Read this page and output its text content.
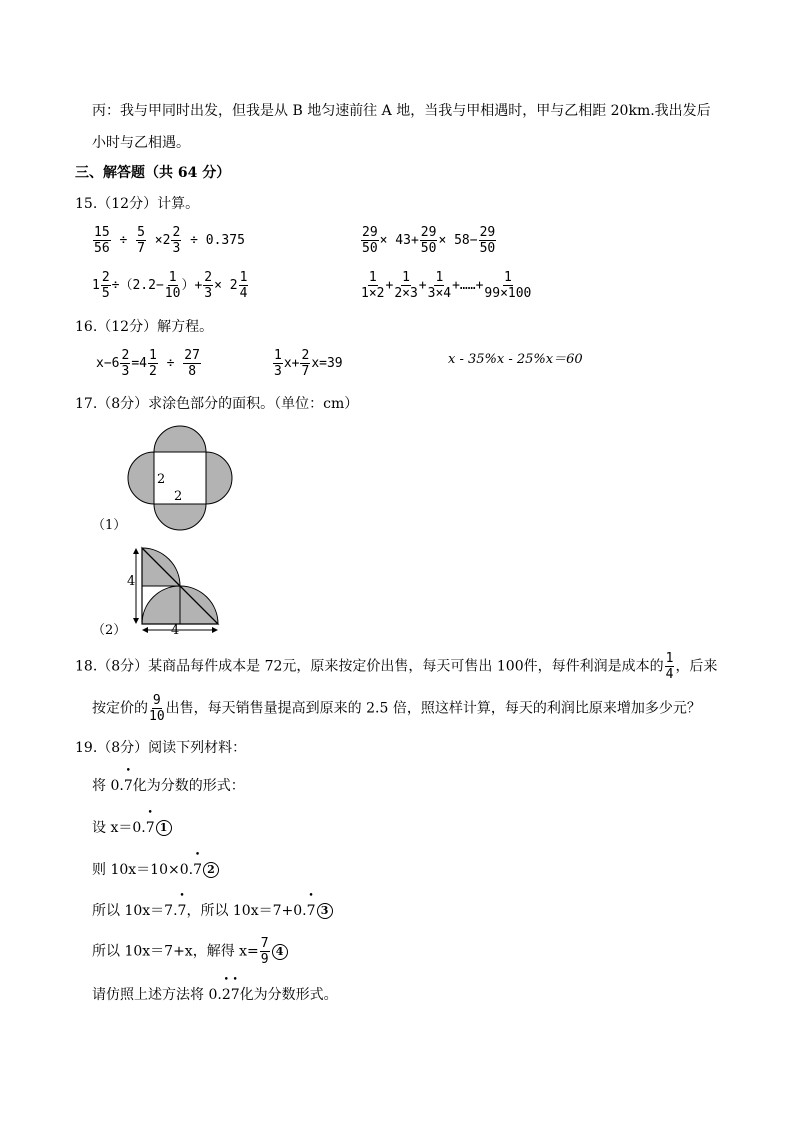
丙：我与甲同时出发，但我是从 B 地匀速前往 A 地，当我与甲相遇时，甲与乙相距 20km.我出发后
小时与乙相遇。
三、解答题（共 64 分）
15.（12分）计算。
$\frac{15}{56} \div \frac{5}{7} \times 2 \frac{2}{3} \div 0.375$	$\frac{29}{50} \times 43+ \frac{29}{50} \times 58- \frac{29}{50}$
$1 \frac{2}{5} \div(2.2- \frac{1}{10}$ ）+ $\frac{2}{3} \times 2 \frac{1}{4}$	$\frac{1}{1\times 2} + \frac{1}{2\times 3} + \frac{1}{3\times 4}$ +……+ $\frac{1}{99\times 100}$
16.（12分）解方程。
$x-6 \frac{2}{3} =4 \frac{1}{2} \div \frac{27}{8}$	$\frac{1}{3} x+ \frac{2}{7} x=39$	x - 35%x - 25%x＝60
17.（8分）求涂色部分的面积。（单位：cm）
2
2
（1）
4
4
（2）
18.（8分）某商品每件成本是 72元，原来按定价出售，每天可售出 100件，每件利润是成本的 $\frac{1}{4}$ ，后来
按定价的 $\frac{9}{10}$ 出售，每天销售量提高到原来的 2.5 倍，照这样计算，每天的利润比原来增加多少元？
19.（8分）阅读下列材料：
将 0.• 7化为分数的形式：
设 x＝0.• 7 1
则 10x＝10×0.• 7 2
所以 10x＝7.• 7，所以 10x＝7+0.• 7 3
所以 10x＝7+x，解得 $x= \frac{7}{9} 4$
请仿照上述方法将 0.• 2• 7化为分数形式。
